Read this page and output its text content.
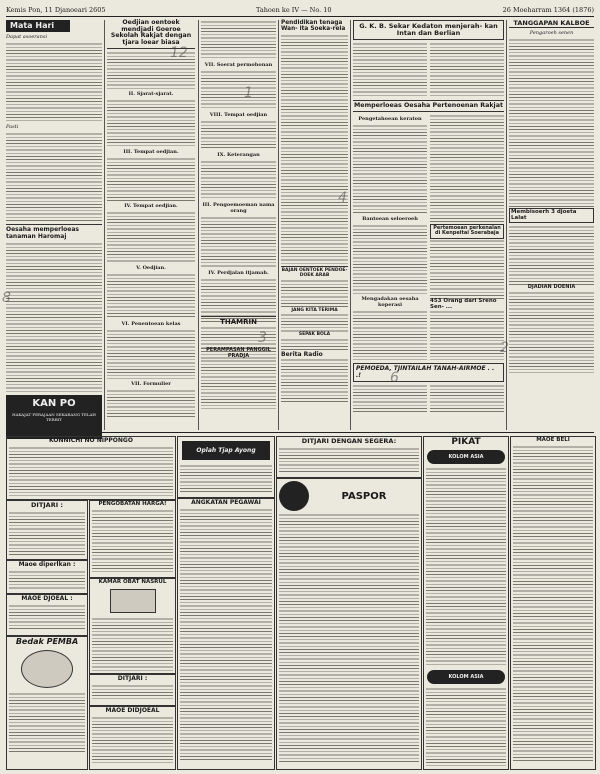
Kemis Pon, 11 Djanoeari 2605	Tahoen ke IV — No. 10	26 Moeharram 1364 (1876)
Mata Hari
Dapat asoeransi
Pasti
Oesaha memperloeas tanaman Haromaj
KAN PO
HAKAJAT PERAJAAN SEKARANG TELAH TERBIT
Oedjian oentoek mendjadi Goeroe Sekolah Rakjat dengan tjara loear biasa
II. Sjarat-sjarat.
III. Tempat oedjian.
IV. Tempat oedjian.
V. Oedjian.
VI. Penentoean kelas
VII. Formulier
VII. Soerat permohonan
VIII. Tempat oedjian
IX. Keterangan
III. Pengoemoeman nama orang
IV. Perdjalan itjamah.
THAMRIN
PERAMPASAN PANGGIL PRADJA
Pendidikan tenaga Wan- ita Soeka-rela
BAJAN OENTOEK PENDOE- DOEK ARAB
JANG KITA TERIMA
SEPAK BOLA
Berita Radio
G. K. B. Sekar Kedaton menjerah- kan Intan dan Berlian
Memperloeas Oesaha Pertenoenan Rakjat
Pengetahoean keraton
Bantoean seloeroeh
Mengadakan oesaha koperasi
Pertemoean perkenalan di Kenpeitai Soerabaja
453 Orang dari Sreno Sen- ...
PEMOEDA, TJINTAILAH TANAH-AIRMOE . . .!
TANGGAPAN KALBOE
Pengaroeh senen
Membisoerh 3 djoeta Lalat
DJADIAN DOENIA
KONNICHI NO NIPPONGO
DITJARI :
Maoe diperlkan :
MAOE DJOEAL :
Bedak PEMBA
PENGOBATAN HARGA!
KAMAR OBAT NASRUL
DITJARI :
MAOE DIDJOEAL
Oplah Tjap Ayong
ANGKATAN PEGAWAI
DITJARI DENGAN SEGERA:
PASPOR
PIKAT
KOLOM ASIA
KOLOM ASIA
MAOE BELI
8
12
1
3
4
6
2
